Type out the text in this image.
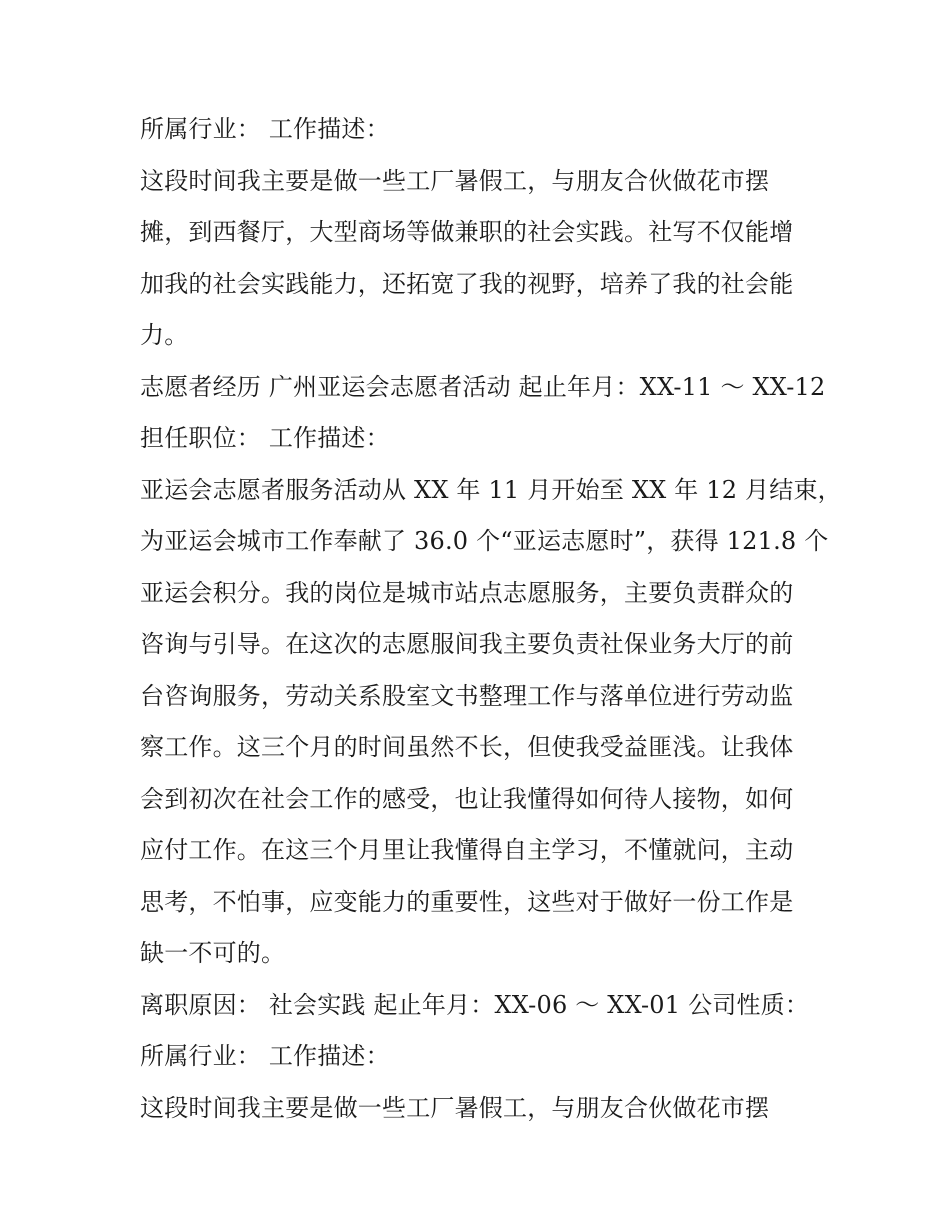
所属行业： 工作描述：
这段时间我主要是做一些工厂暑假工，与朋友合伙做花市摆
摊，到西餐厅，大型商场等做兼职的社会实践。社写不仅能增
加我的社会实践能力，还拓宽了我的视野，培养了我的社会能
力。
志愿者经历 广州亚运会志愿者活动 起止年月：XX-11 ～ XX-12
担任职位： 工作描述：
亚运会志愿者服务活动从 XX 年 11 月开始至 XX 年 12 月结束，
为亚运会城市工作奉献了 36.0 个“亚运志愿时”，获得 121.8 个
亚运会积分。我的岗位是城市站点志愿服务，主要负责群众的
咨询与引导。在这次的志愿服间我主要负责社保业务大厅的前
台咨询服务，劳动关系股室文书整理工作与落单位进行劳动监
察工作。这三个月的时间虽然不长，但使我受益匪浅。让我体
会到初次在社会工作的感受，也让我懂得如何待人接物，如何
应付工作。在这三个月里让我懂得自主学习，不懂就问，主动
思考，不怕事，应变能力的重要性，这些对于做好一份工作是
缺一不可的。
离职原因： 社会实践 起止年月：XX-06 ～ XX-01 公司性质：
所属行业： 工作描述：
这段时间我主要是做一些工厂暑假工，与朋友合伙做花市摆
